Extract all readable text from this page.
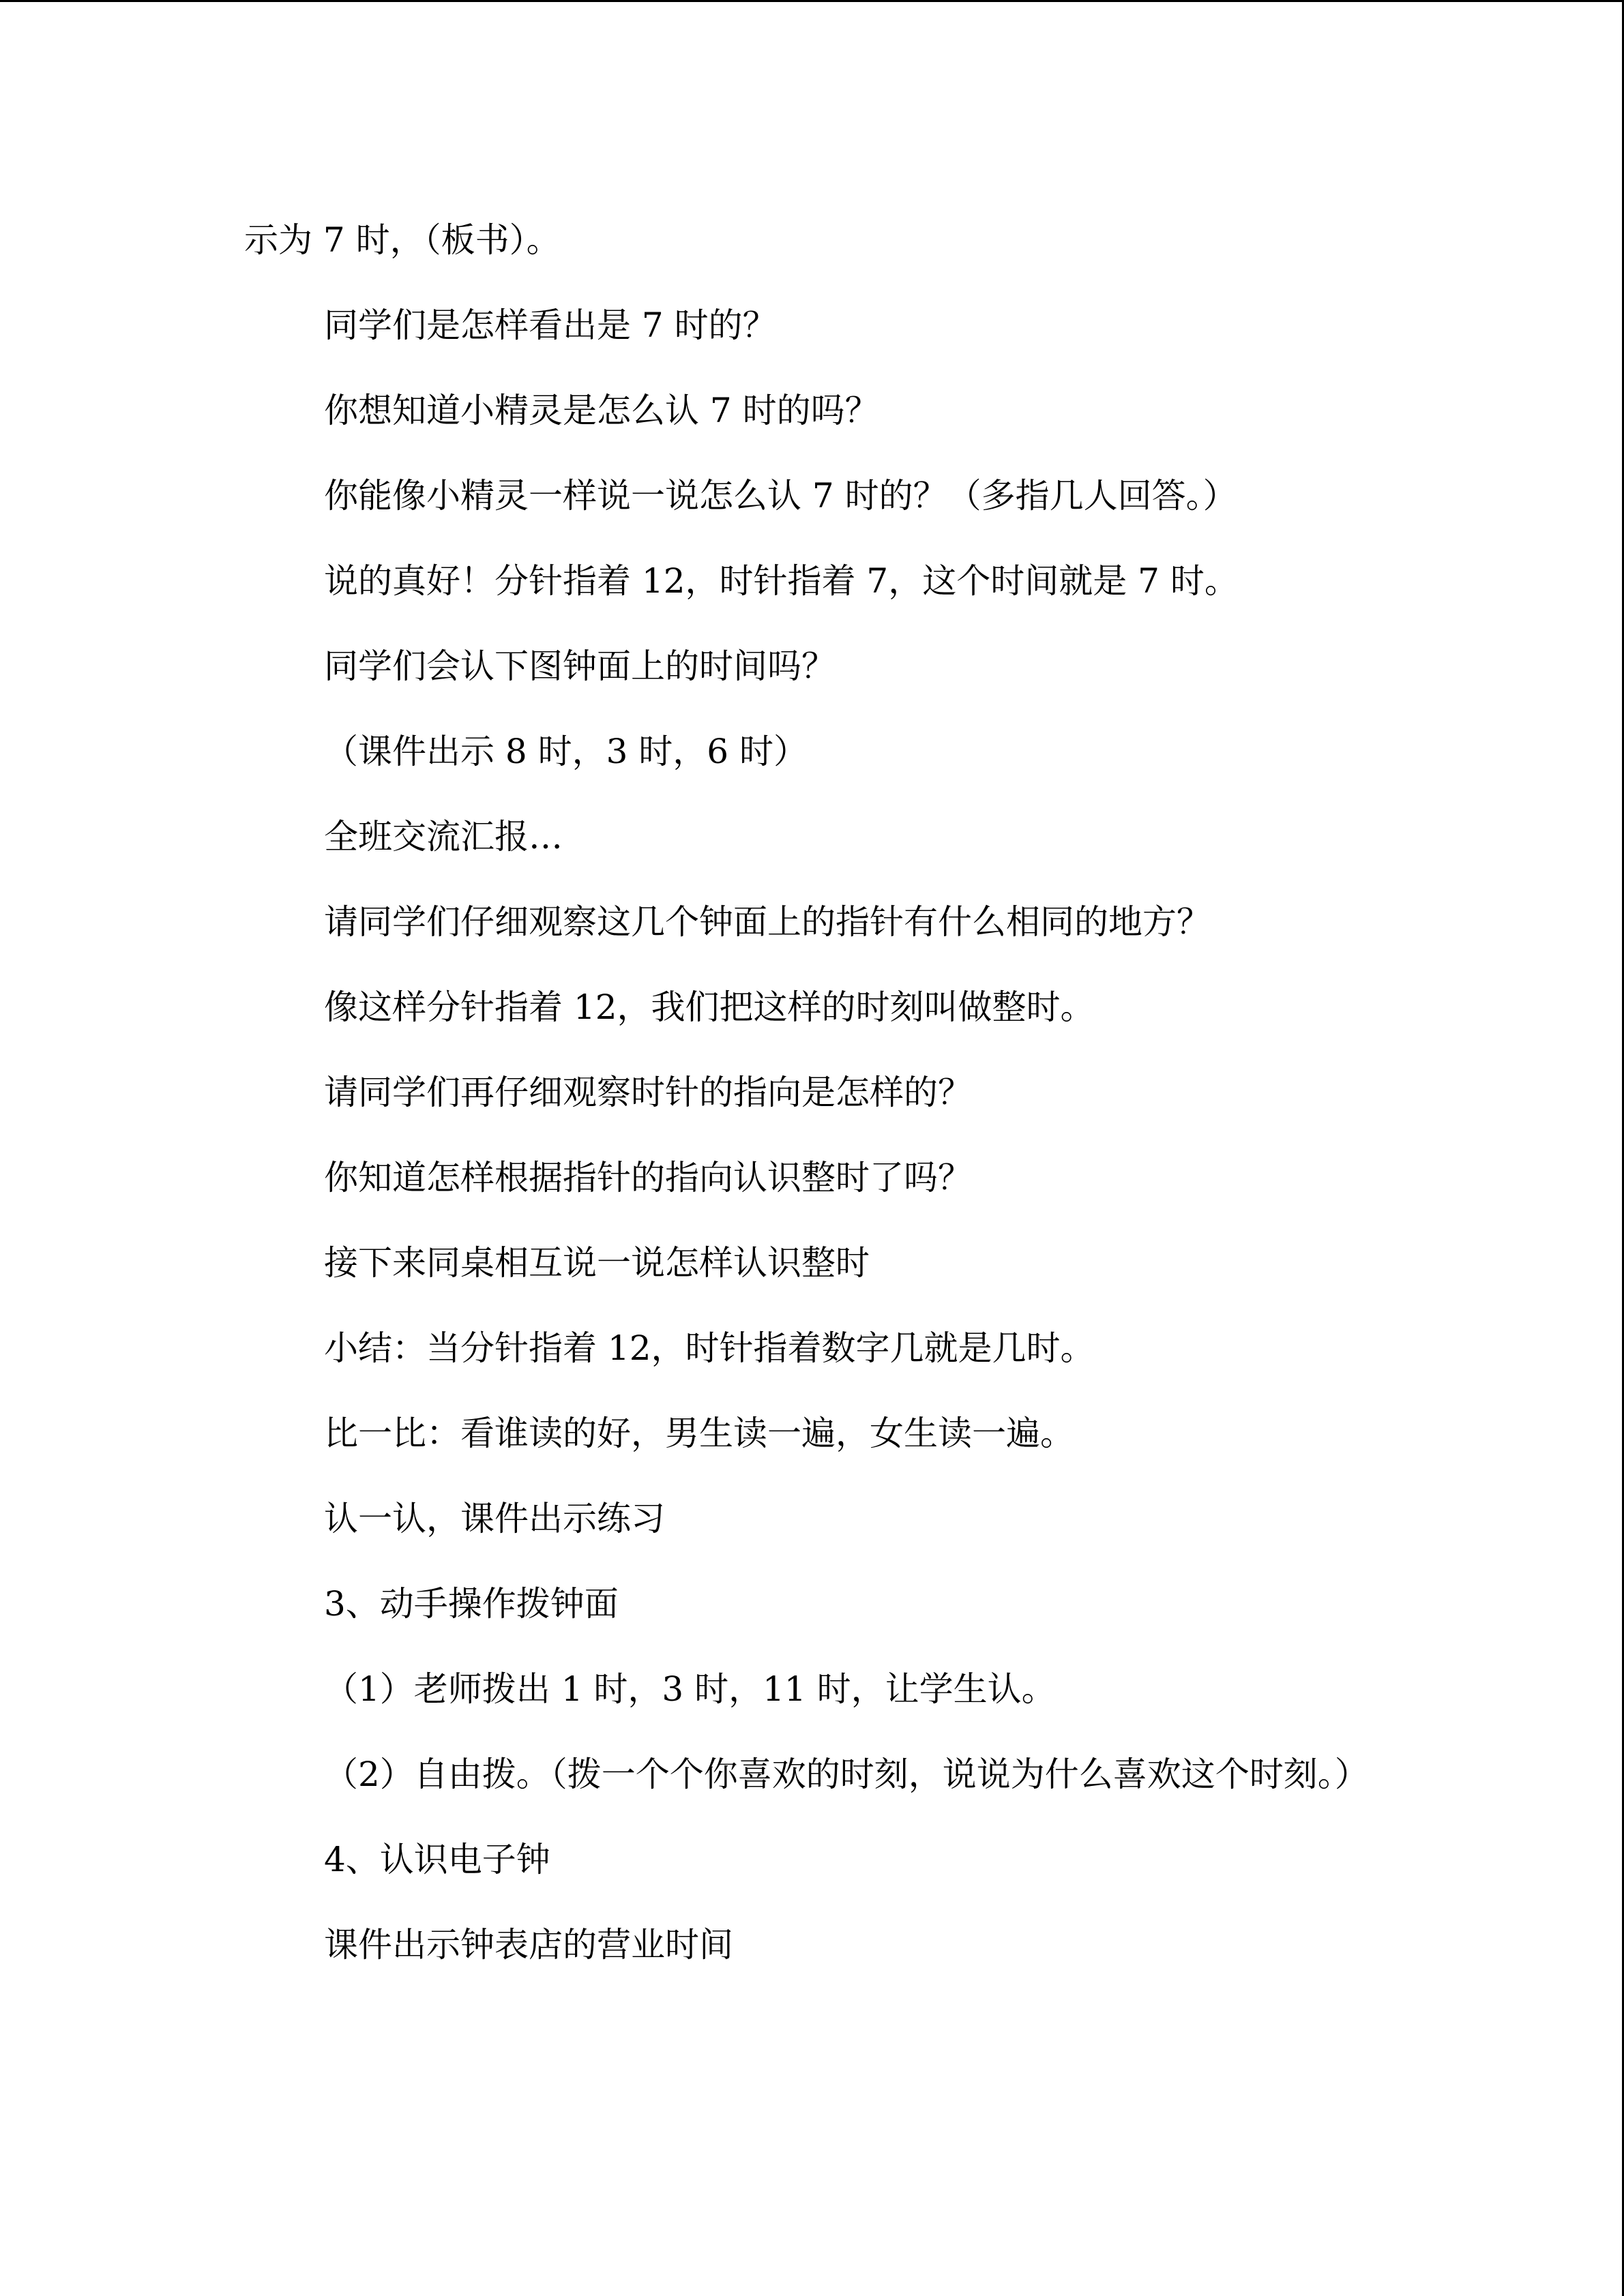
示为 7 时，（板书）。

同学们是怎样看出是 7 时的？

你想知道小精灵是怎么认 7 时的吗？

你能像小精灵一样说一说怎么认 7 时的？（多指几人回答。）

说的真好！分针指着 12，时针指着 7，这个时间就是 7 时。

同学们会认下图钟面上的时间吗？

（课件出示 8 时，3 时，6 时）

全班交流汇报…

请同学们仔细观察这几个钟面上的指针有什么相同的地方？

像这样分针指着 12，我们把这样的时刻叫做整时。

请同学们再仔细观察时针的指向是怎样的？

你知道怎样根据指针的指向认识整时了吗？

接下来同桌相互说一说怎样认识整时

小结：当分针指着 12，时针指着数字几就是几时。

比一比：看谁读的好，男生读一遍，女生读一遍。

认一认，课件出示练习

3、动手操作拨钟面

（1）老师拨出 1 时，3 时，11 时，让学生认。

（2）自由拨。（拨一个个你喜欢的时刻，说说为什么喜欢这个时刻。）

4、认识电子钟

课件出示钟表店的营业时间
